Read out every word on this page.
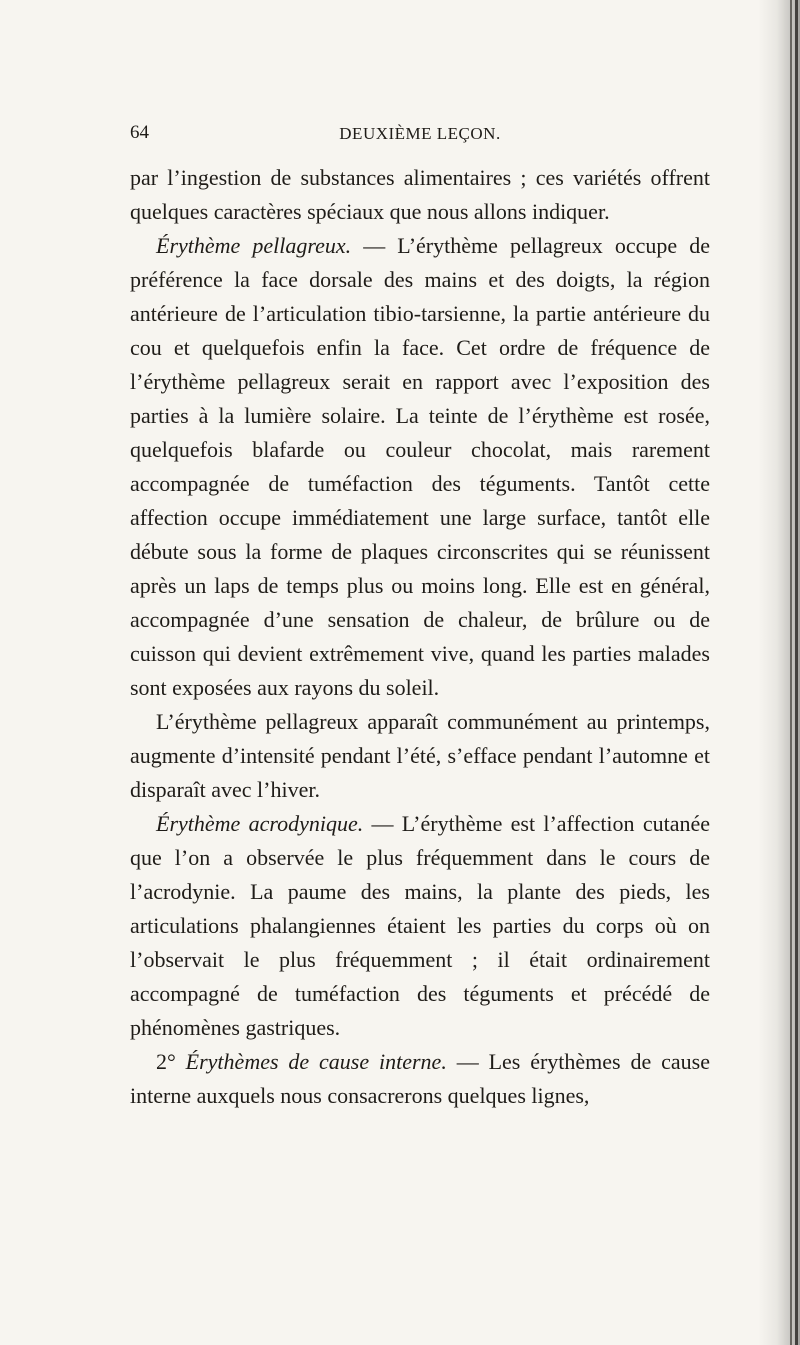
64	DEUXIÈME LEÇON.

par l’ingestion de substances alimentaires ; ces variétés offrent quelques caractères spéciaux que nous allons indiquer.

Érythème pellagreux. — L’érythème pellagreux occupe de préférence la face dorsale des mains et des doigts, la région antérieure de l’articulation tibio-tarsienne, la partie antérieure du cou et quelquefois enfin la face. Cet ordre de fréquence de l’érythème pellagreux serait en rapport avec l’exposition des parties à la lumière solaire. La teinte de l’érythème est rosée, quelquefois blafarde ou couleur chocolat, mais rarement accompagnée de tuméfaction des téguments. Tantôt cette affection occupe immédiatement une large surface, tantôt elle débute sous la forme de plaques circonscrites qui se réunissent après un laps de temps plus ou moins long. Elle est en général, accompagnée d’une sensation de chaleur, de brûlure ou de cuisson qui devient extrêmement vive, quand les parties malades sont exposées aux rayons du soleil.

L’érythème pellagreux apparaît communément au printemps, augmente d’intensité pendant l’été, s’efface pendant l’automne et disparaît avec l’hiver.

Érythème acrodynique. — L’érythème est l’affection cutanée que l’on a observée le plus fréquemment dans le cours de l’acrodynie. La paume des mains, la plante des pieds, les articulations phalangiennes étaient les parties du corps où on l’observait le plus fréquemment ; il était ordinairement accompagné de tuméfaction des téguments et précédé de phénomènes gastriques.

2° Érythèmes de cause interne. — Les érythèmes de cause interne auxquels nous consacrerons quelques lignes,
